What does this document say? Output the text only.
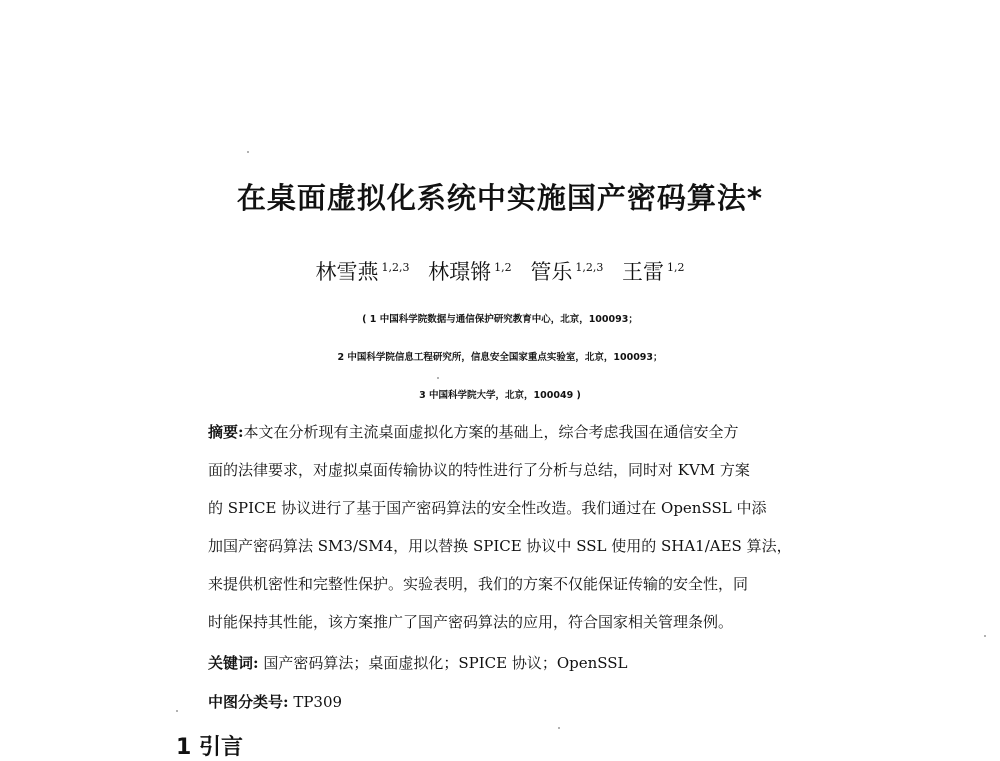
在桌面虚拟化系统中实施国产密码算法*
林雪燕 $^{1,2,3}$ 林璟锵 $^{1,2}$ 管乐 $^{1,2,3}$ 王雷 $^{1,2}$
( 1 中国科学院数据与通信保护研究教育中心，北京，100093；
2 中国科学院信息工程研究所，信息安全国家重点实验室，北京，100093；
3 中国科学院大学，北京，100049 )
摘要:本文在分析现有主流桌面虚拟化方案的基础上，综合考虑我国在通信安全方
面的法律要求，对虚拟桌面传输协议的特性进行了分析与总结，同时对 KVM 方案
的 SPICE 协议进行了基于国产密码算法的安全性改造。我们通过在 OpenSSL 中添
加国产密码算法 SM3/SM4，用以替换 SPICE 协议中 SSL 使用的 SHA1/AES 算法，
来提供机密性和完整性保护。实验表明，我们的方案不仅能保证传输的安全性，同
时能保持其性能，该方案推广了国产密码算法的应用，符合国家相关管理条例。
关键词: 国产密码算法；桌面虚拟化；SPICE 协议；OpenSSL
中图分类号: TP309
1 引言
